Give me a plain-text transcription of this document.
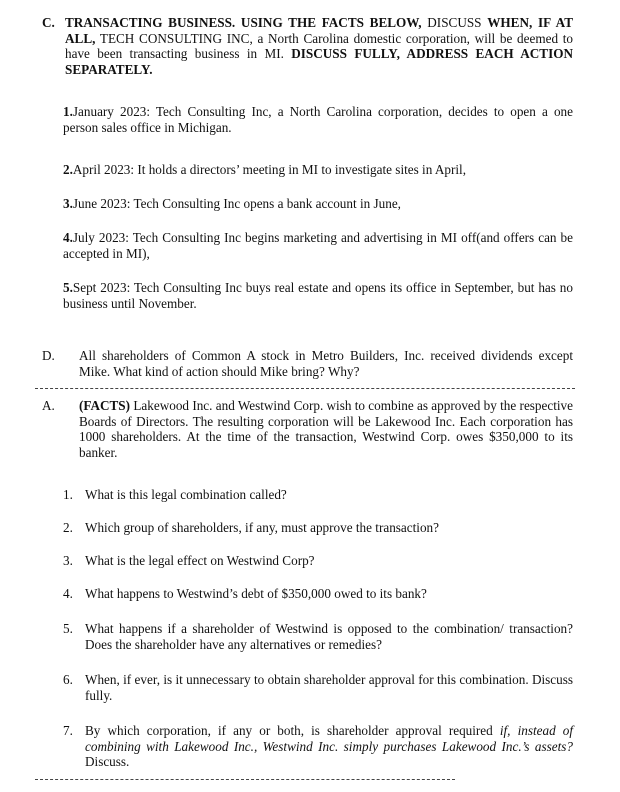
C. TRANSACTING BUSINESS. USING THE FACTS BELOW, DISCUSS WHEN, IF AT ALL, TECH CONSULTING INC, a North Carolina domestic corporation, will be deemed to have been transacting business in MI. DISCUSS FULLY, ADDRESS EACH ACTION SEPARATELY.
1.January 2023: Tech Consulting Inc, a North Carolina corporation, decides to open a one person sales office in Michigan.
2.April 2023: It holds a directors’ meeting in MI to investigate sites in April,
3.June 2023: Tech Consulting Inc opens a bank account in June,
4.July 2023: Tech Consulting Inc begins marketing and advertising in MI off(and offers can be accepted in MI),
5.Sept 2023: Tech Consulting Inc buys real estate and opens its office in September, but has no business until November.
D. All shareholders of Common A stock in Metro Builders, Inc. received dividends except Mike. What kind of action should Mike bring? Why?
A. (FACTS) Lakewood Inc. and Westwind Corp. wish to combine as approved by the respective Boards of Directors. The resulting corporation will be Lakewood Inc. Each corporation has 1000 shareholders. At the time of the transaction, Westwind Corp. owes $350,000 to its banker.
1. What is this legal combination called?
2. Which group of shareholders, if any, must approve the transaction?
3. What is the legal effect on Westwind Corp?
4. What happens to Westwind’s debt of $350,000 owed to its bank?
5. What happens if a shareholder of Westwind is opposed to the combination/ transaction? Does the shareholder have any alternatives or remedies?
6. When, if ever, is it unnecessary to obtain shareholder approval for this combination. Discuss fully.
7. By which corporation, if any or both, is shareholder approval required if, instead of combining with Lakewood Inc., Westwind Inc. simply purchases Lakewood Inc.’s assets? Discuss.
